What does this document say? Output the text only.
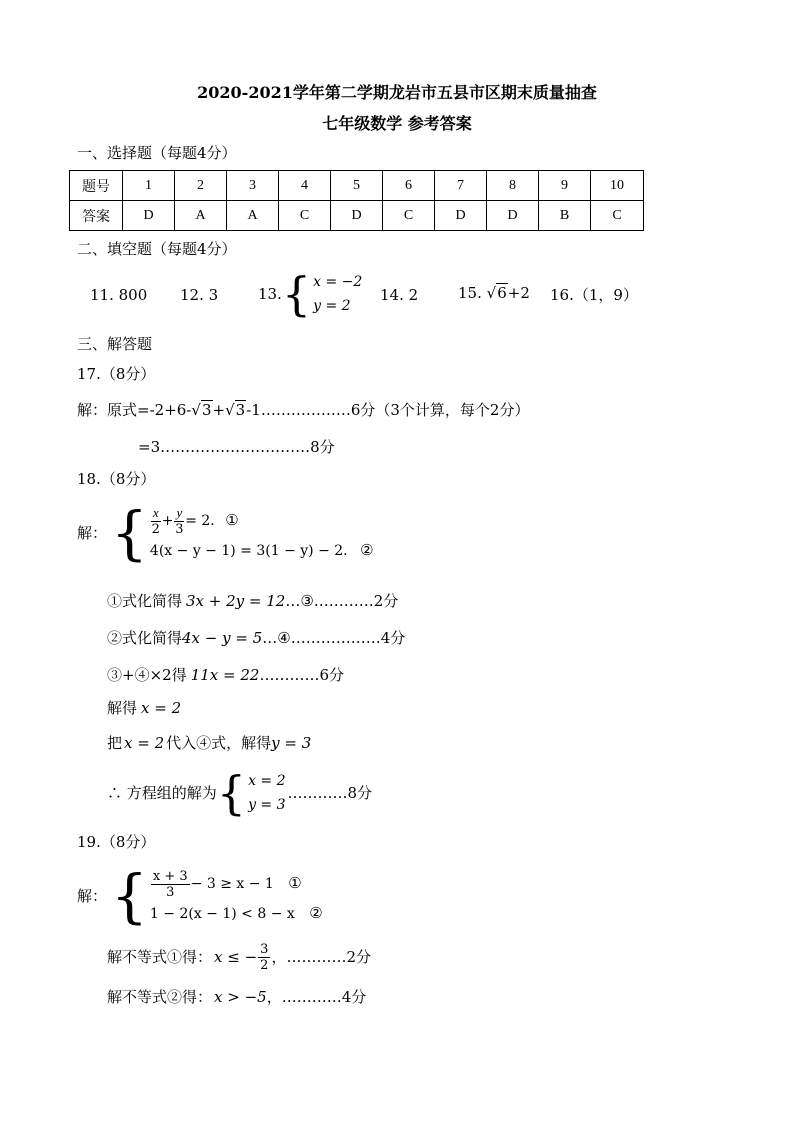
2020-2021学年第二学期龙岩市五县市区期末质量抽查
七年级数学 参考答案
一、选择题（每题4分）
题号	1	2	3	4	5	6	7	8	9	10
答案	D	A	A	C	D	C	D	D	B	C
二、填空题（每题4分）
11. 800 12. 3	13. { x = −2
y = 2
14. 2	15. √6+2 16.（1，9）
三、解答题
17.（8分）
解：原式=-2+6-√3+√3-1………………6分（3个计算，每个2分）
=3…………………………8分
18.（8分）
解： { $\frac{x}{2} + \frac{y}{3} = 2$. ①
4(x − y − 1) = 3(1 − y) − 2. ②
①式化简得 3x + 2y = 12…③…………2分
②式化简得4x − y = 5…④………………4分
③+④×2得 11x = 22…………6分
解得 x = 2
把 x = 2 代入④式，解得y = 3
∴ 方程组的解为 { x = 2
y = 3
…………8分
19.（8分）
解： { $\frac{x + 3}{3} - 3 \ge x - 1$ ①
1 − 2(x − 1) < 8 − x ②
解不等式①得： x ≤ − $\frac{3}{2}$ ，…………2分
解不等式②得： x > −5，…………4分
